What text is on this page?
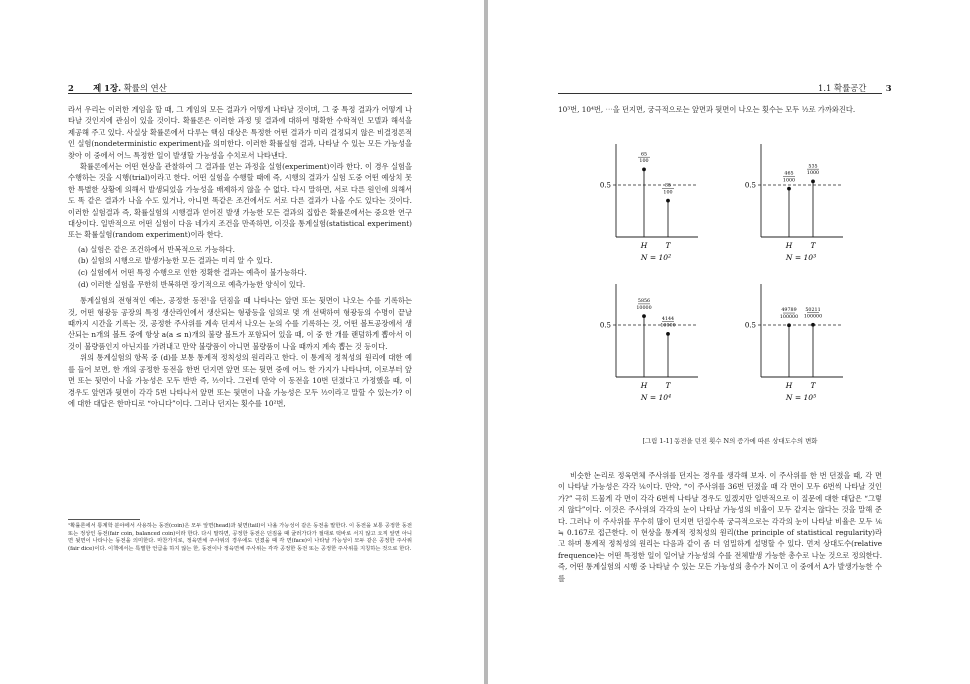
2 제 1장. 확률의 연산

라서 우리는 이러한 게임을 할 때, 그 게임의 모든 결과가 어떻게 나타날 것이며, 그 중 특정 결과가 어떻게 나타날 것인지에 관심이 있을 것이다. 확률론은 이러한 과정 및 결과에 대하여 명확한 수학적인 모델과 해석을 제공해 주고 있다. 사실상 확률론에서 다루는 핵심 대상은 특정한 어떤 결과가 미리 결정되지 않은 비결정론적인 실험(nondeterministic experiment)을 의미한다. 이러한 확률실험 결과, 나타날 수 있는 모든 가능성을 찾아 이 중에서 어느 특정한 일이 발생할 가능성을 수치로서 나타낸다.

확률론에서는 어떤 현상을 관찰하여 그 결과를 얻는 과정을 실험(experiment)이라 한다. 이 경우 실험을 수행하는 것을 시행(trial)이라고 한다. 어떤 실험을 수행할 때에 즉, 시행의 결과가 실험 도중 어떤 예상치 못한 특별한 상황에 의해서 발생되었을 가능성을 배제하지 않을 수 없다. 다시 말하면, 서로 다른 원인에 의해서도 똑 같은 결과가 나올 수도 있거나, 아니면 똑같은 조건에서도 서로 다른 결과가 나올 수도 있다는 것이다. 이러한 실험결과 즉, 확률실험의 시행결과 얻어진 발생 가능한 모든 결과의 집합은 확률론에서는 중요한 연구대상이다. 일반적으로 어떤 실험이 다음 네가지 조건을 만족하면, 이것을 통계실험(statistical experiment) 또는 확률실험(random experiment)이라 한다.

(a) 실험은 같은 조건하에서 반복적으로 가능하다.
(b) 실험의 시행으로 발생가능한 모든 결과는 미리 알 수 있다.
(c) 실험에서 어떤 특정 수행으로 인한 정확한 결과는 예측이 불가능하다.
(d) 이러한 실험을 무한히 반복하면 장기적으로 예측가능한 양식이 있다.

통계실험의 전형적인 예는, 공정한 동전¹을 던짐을 때 나타나는 앞면 또는 뒷면이 나오는 수를 기록하는 것, 어떤 형광등 공장의 특정 생산라인에서 생산되는 형광등을 임의로 몇 개 선택하여 형광등의 수명이 끝날 때까지 시간을 기록는 것, 공정한 주사위를 계속 던져서 나오는 눈의 수를 기록하는 것, 어떤 볼트공장에서 생산되는 n개의 볼트 중에 항상 a(a ≤ n)개의 불량 볼트가 포함되어 있을 때, 이 중 한 개를 랜덤하게 뽑아서 이것이 불량품인지 아닌지를 가려내고 만약 불량품이 아니면 불량품이 나올 때까지 계속 뽑는 것 등이다.

위의 통계실험의 항목 중 (d)를 보통 통계적 정칙성의 원리라고 한다. 이 통계적 정칙성의 원리에 대한 예를 들어 보면, 한 개의 공정한 동전을 한번 던지면 앞면 또는 뒷면 중에 어느 한 가지가 나타나며, 이로부터 앞면 또는 뒷면이 나올 가능성은 모두 반반 즉, ½이다. 그런데 만약 이 동전을 10번 던졌다고 가정했을 때, 이 경우도 앞면과 뒷면이 각각 5번 나타나서 앞면 또는 뒷면이 나올 가능성은 모두 ½이라고 말할 수 있는가? 이에 대한 대답은 한마디로 “아니다”이다. 그러나 던지는 횟수를 10²번,

¹확률론에서 통계학 분야에서 사용하는 동전(coin)은 모두 앞면(head)과 뒷면(tail)이 나올 가능성이 같은 동전을 말한다. 이 동전을 보통 공정한 동전 또는 정상인 동전(fair coin, balanced coin)이라 한다. 다시 말하면, 공정한 동전은 던짐을 때 굴러가다가 절대로 떡바로 서지 않고 오직 앞면 아니면 뒷면이 나타나는 동전을 의미한다. 마찬가지로, 정육면체 주사위의 경우에도 던졌을 때 각 면(face)이 나타날 가능성이 모두 같은 공정한 주사위(fair dice)이다. 이책에서는 특별한 언급을 하지 않는 한, 동전이나 정육면체 주사위는 각각 공정한 동전 또는 공정한 주사위를 지칭하는 것으로 한다.
1.1 확률공간 3

10³번, 10⁴번, ⋯을 던지면, 궁극적으로는 앞면과 뒷면이 나오는 횟수는 모두 ½로 가까와진다.

0.5
65
100
H
35
100
T
N = 10²
0.5
465
1000
H
535
1000
T
N = 10³
0.5
5856
10000
H
4144
10000
T
N = 10⁴
0.5
49789
100000
H
50211
100000
T
N = 10⁵
[그림 1-1] 동전을 던진 횟수 N의 증가에 따른 상대도수의 변화

비슷한 논리로 정육면체 주사위를 던지는 경우를 생각해 보자. 이 주사위를 한 번 던졌을 때, 각 면이 나타날 가능성은 각각 ⅙이다. 만약, “이 주사위를 36번 던졌을 때 각 면이 모두 6번씩 나타날 것인가?” 극히 드물게 각 면이 각각 6번씩 나타날 경우도 있겠지만 일반적으로 이 질문에 대한 대답은 “그렇지 않다”이다. 이것은 주사위의 각각의 눈이 나타날 가능성의 비율이 모두 같지는 않다는 것을 말해 준다. 그러나 이 주사위를 무수히 많이 던지면 던질수록 궁극적으로는 각각의 눈이 나타날 비율은 모두 ⅙ ≒ 0.167로 접근한다. 이 현상을 통계적 정칙성의 원리(the principle of statistical regularity)라고 하며 통계적 정칙성의 원리는 다음과 같이 좀 더 엄밀하게 설명할 수 있다. 먼저 상대도수(relative frequence)는 어떤 특정한 일이 일어날 가능성의 수를 전체발생 가능한 총수로 나눈 것으로 정의한다. 즉, 어떤 통계실험의 시행 중 나타날 수 있는 모든 가능성의 총수가 N이고 이 중에서 A가 발생가능한 수를
